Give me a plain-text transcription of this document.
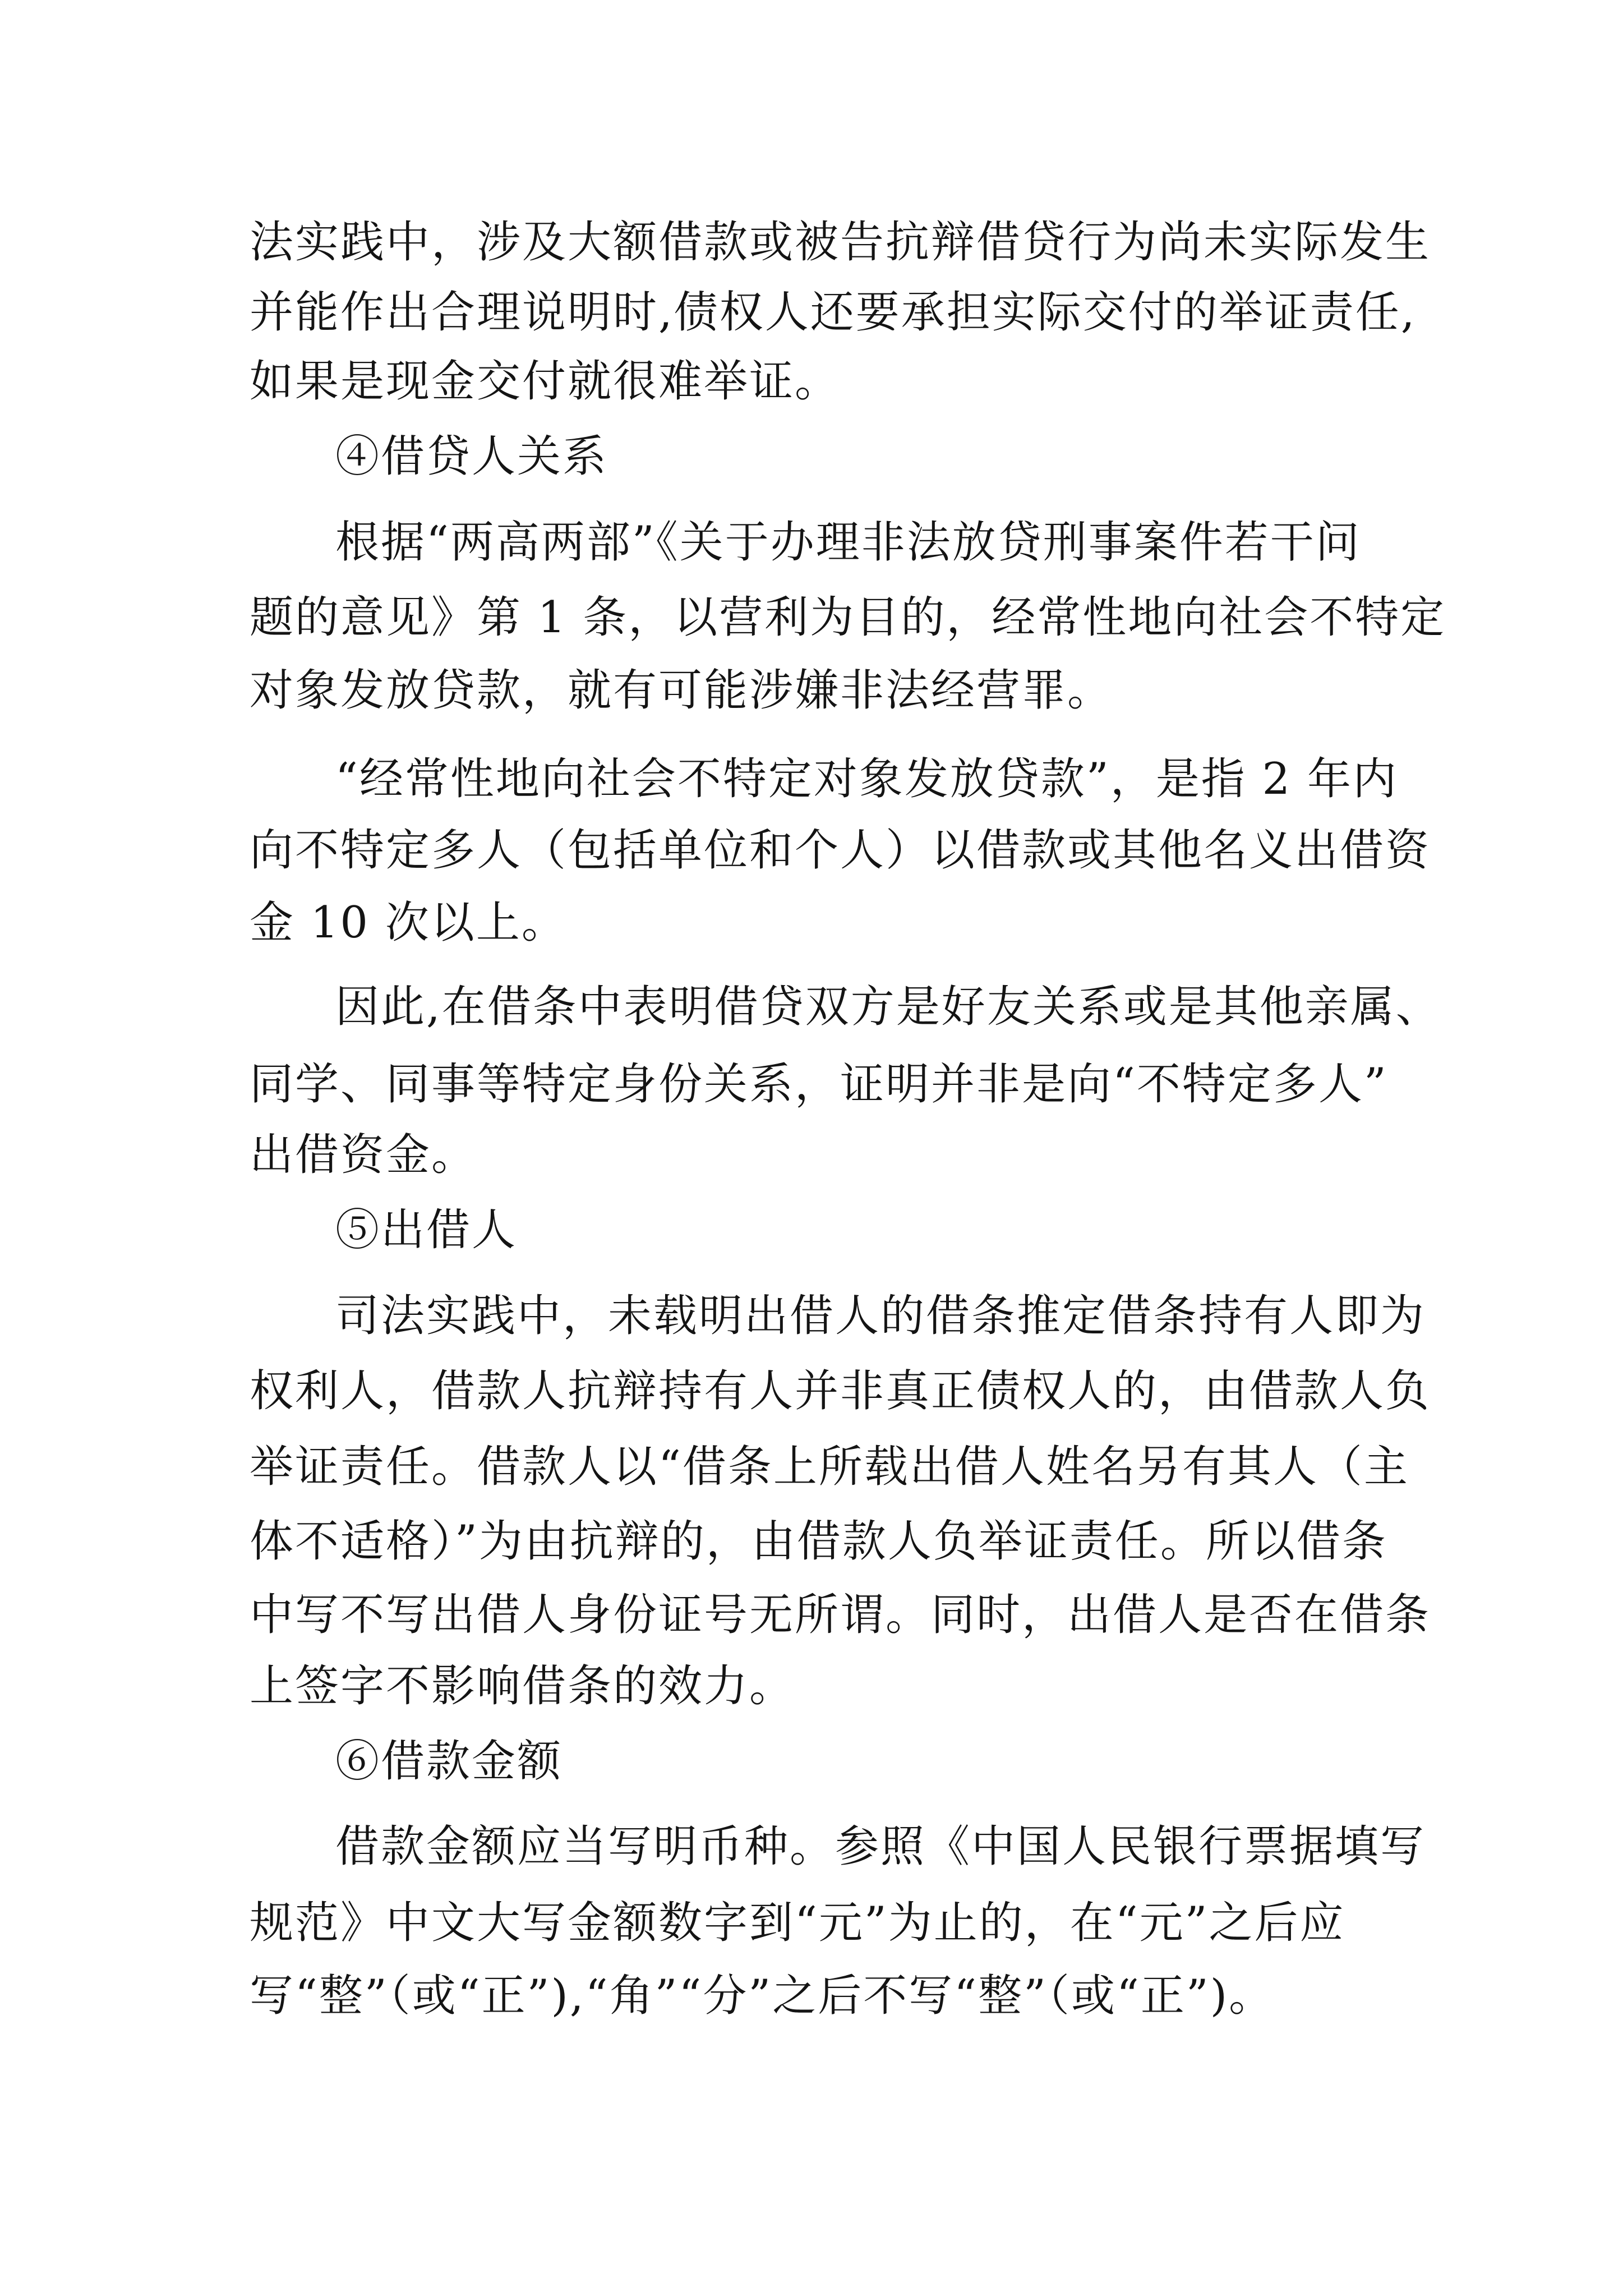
法实践中，涉及大额借款或被告抗辩借贷行为尚未实际发生

并能作出合理说明时,债权人还要承担实际交付的举证责任,

如果是现金交付就很难举证。

④借贷人关系

根据“两高两部”《关于办理非法放贷刑事案件若干问

题的意见》第 1 条，以营利为目的，经常性地向社会不特定

对象发放贷款，就有可能涉嫌非法经营罪。

“经常性地向社会不特定对象发放贷款”，是指 2 年内

向不特定多人（包括单位和个人）以借款或其他名义出借资

金 10 次以上。

因此,在借条中表明借贷双方是好友关系或是其他亲属、

同学、同事等特定身份关系，证明并非是向“不特定多人”

出借资金。

⑤出借人

司法实践中，未载明出借人的借条推定借条持有人即为

权利人，借款人抗辩持有人并非真正债权人的，由借款人负

举证责任。借款人以“借条上所载出借人姓名另有其人（主

体不适格）”为由抗辩的，由借款人负举证责任。所以借条

中写不写出借人身份证号无所谓。同时，出借人是否在借条

上签字不影响借条的效力。

⑥借款金额

借款金额应当写明币种。参照《中国人民银行票据填写

规范》中文大写金额数字到“元”为止的，在“元”之后应

写“整”（或“正”),“角”“分”之后不写“整”（或“正”)。
